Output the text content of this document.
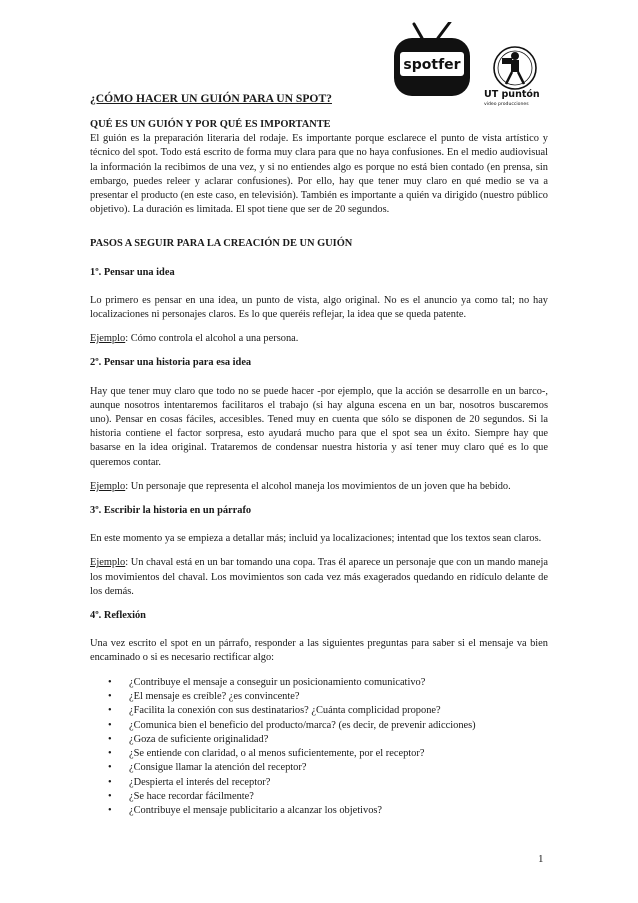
spotfer
UT puntón
video producciones
¿CÓMO HACER UN GUIÓN PARA UN SPOT?
QUÉ ES UN GUIÓN Y POR QUÉ ES IMPORTANTE

El guión es la preparación literaria del rodaje. Es importante porque esclarece el punto de vista artístico y técnico del spot. Todo está escrito de forma muy clara para que no haya confusiones. En el medio audiovisual la información la recibimos de una vez, y si no entiendes algo es porque no está bien contado (en prensa, sin embargo, puedes releer y aclarar confusiones). Por ello, hay que tener muy claro en qué medio se va a presentar el producto (en este caso, en televisión). También es importante a quién va dirigido (nuestro público objetivo). La duración es limitada. El spot tiene que ser de 20 segundos.

PASOS A SEGUIR PARA LA CREACIÓN DE UN GUIÓN
1º. Pensar una idea

Lo primero es pensar en una idea, un punto de vista, algo original. No es el anuncio ya como tal; no hay localizaciones ni personajes claros. Es lo que queréis reflejar, la idea que se queda patente.

Ejemplo: Cómo controla el alcohol a una persona.

2º. Pensar una historia para esa idea

Hay que tener muy claro que todo no se puede hacer -por ejemplo, que la acción se desarrolle en un barco-, aunque nosotros intentaremos facilitaros el trabajo (si hay alguna escena en un bar, nosotros buscaremos uno). Pensar en cosas fáciles, accesibles. Tened muy en cuenta que sólo se disponen de 20 segundos. Si la historia contiene el factor sorpresa, esto ayudará mucho para que el spot sea un éxito. Siempre hay que basarse en la idea original. Trataremos de condensar nuestra historia y así tener muy claro qué es lo que queremos contar.

Ejemplo: Un personaje que representa el alcohol maneja los movimientos de un joven que ha bebido.

3º. Escribir la historia en un párrafo

En este momento ya se empieza a detallar más; incluid ya localizaciones; intentad que los textos sean claros.

Ejemplo: Un chaval está en un bar tomando una copa. Tras él aparece un personaje que con un mando maneja los movimientos del chaval. Los movimientos son cada vez más exagerados quedando en ridículo delante de los demás.

4º. Reflexión

Una vez escrito el spot en un párrafo, responder a las siguientes preguntas para saber si el mensaje va bien encaminado o si es necesario rectificar algo:

• ¿Contribuye el mensaje a conseguir un posicionamiento comunicativo?
• ¿El mensaje es creíble? ¿es convincente?
• ¿Facilita la conexión con sus destinatarios? ¿Cuánta complicidad propone?
• ¿Comunica bien el beneficio del producto/marca? (es decir, de prevenir adicciones)
• ¿Goza de suficiente originalidad?
• ¿Se entiende con claridad, o al menos suficientemente, por el receptor?
• ¿Consigue llamar la atención del receptor?
• ¿Despierta el interés del receptor?
• ¿Se hace recordar fácilmente?
• ¿Contribuye el mensaje publicitario a alcanzar los objetivos?
1
